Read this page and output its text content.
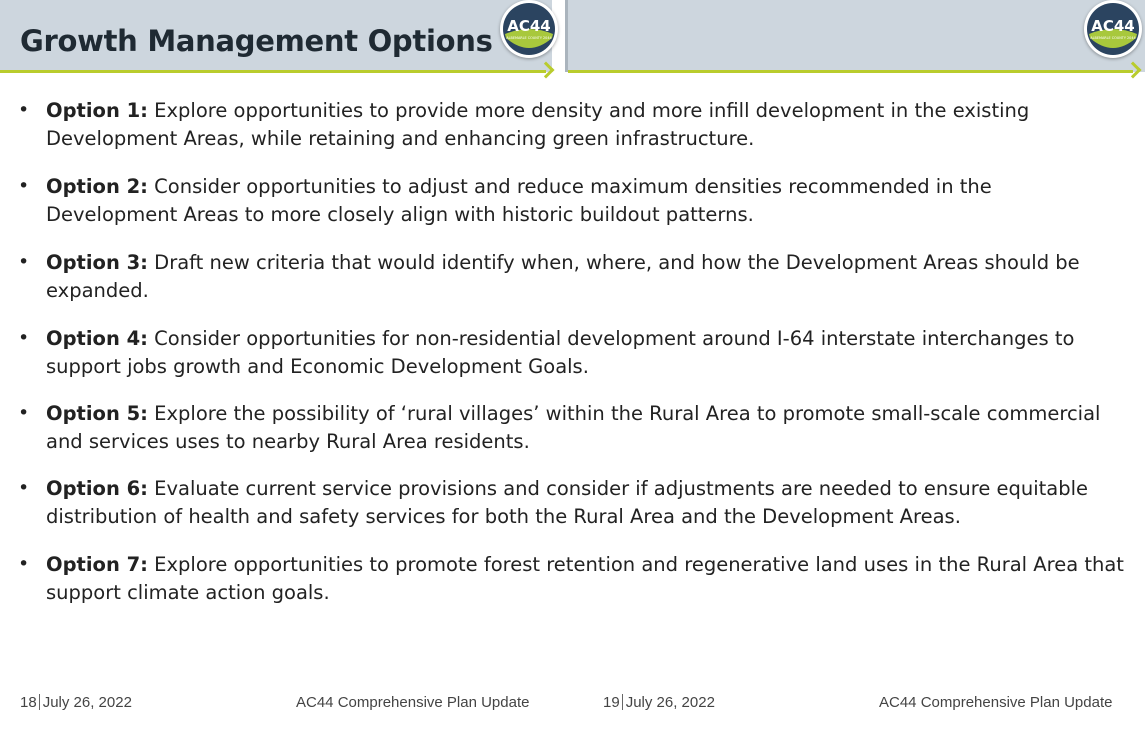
Growth Management Options AC44
ALBEMARLE COUNTY 2044
AC44
ALBEMARLE COUNTY 2044
• Option 1: Explore opportunities to provide more density and more infill development in the existing Development Areas, while retaining and enhancing green infrastructure.
• Option 2: Consider opportunities to adjust and reduce maximum densities recommended in the Development Areas to more closely align with historic buildout patterns.
• Option 3: Draft new criteria that would identify when, where, and how the Development Areas should be expanded.
• Option 4: Consider opportunities for non-residential development around I-64 interstate interchanges to support jobs growth and Economic Development Goals.
• Option 5: Explore the possibility of ‘rural villages’ within the Rural Area to promote small-scale commercial and services uses to nearby Rural Area residents.
• Option 6: Evaluate current service provisions and consider if adjustments are needed to ensure equitable distribution of health and safety services for both the Rural Area and the Development Areas.
• Option 7: Explore opportunities to promote forest retention and regenerative land uses in the Rural Area that support climate action goals.
18 July 26, 2022	AC44 Comprehensive Plan Update	19 July 26, 2022	AC44 Comprehensive Plan Update
